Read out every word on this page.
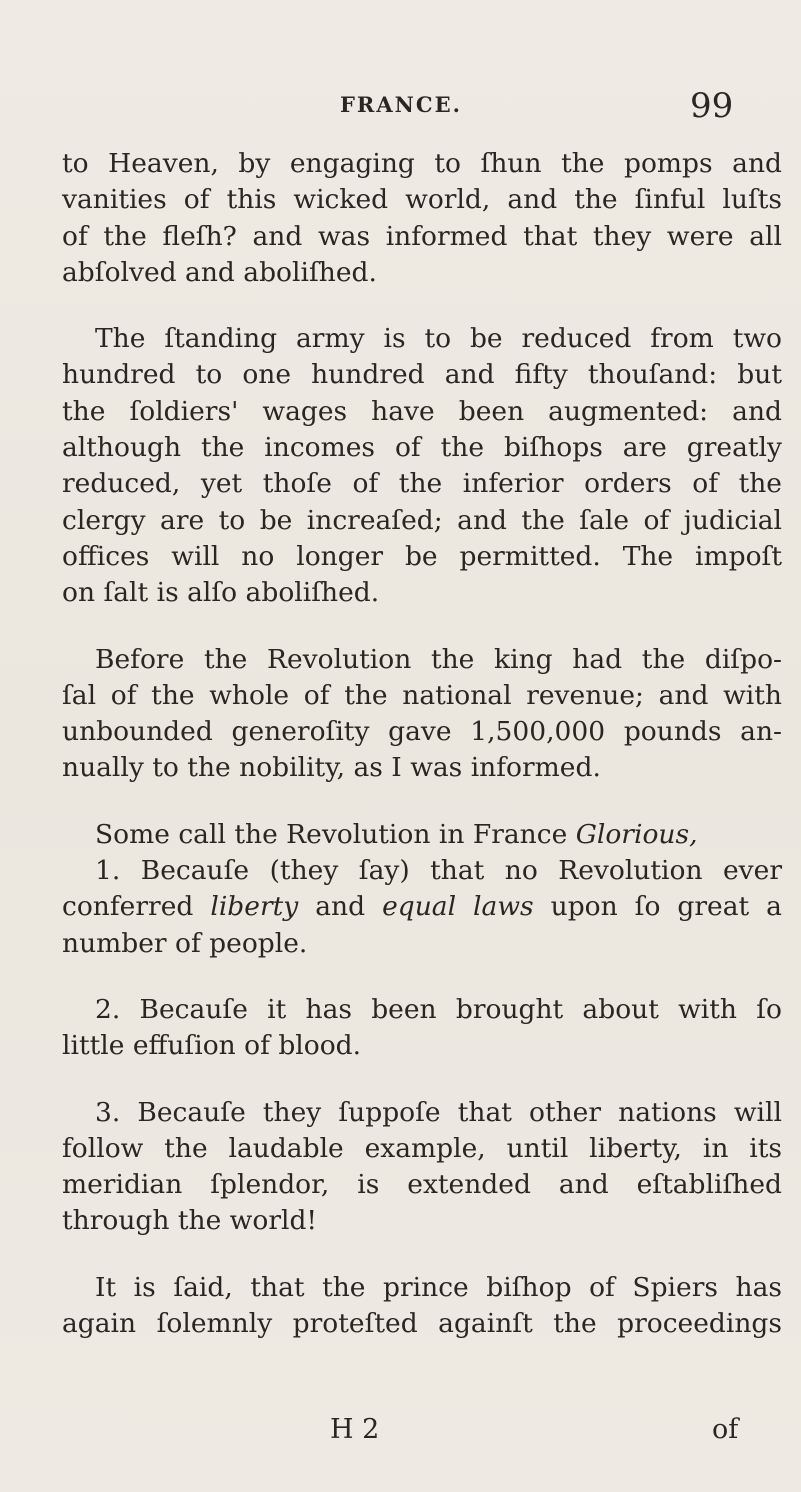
FRANCE.	99
to Heaven, by engaging to ſhun the pomps and
vanities of this wicked world, and the ſinful luſts
of the fleſh? and was informed that they were all
abſolved and aboliſhed.
The ſtanding army is to be reduced from two
hundred to one hundred and fifty thouſand: but
the ſoldiers' wages have been augmented: and
although the incomes of the biſhops are greatly
reduced, yet thoſe of the inferior orders of the
clergy are to be increaſed; and the ſale of judicial
offices will no longer be permitted. The impoſt
on ſalt is alſo aboliſhed.
Before the Revolution the king had the diſpo-
ſal of the whole of the national revenue; and with
unbounded generoſity gave 1,500,000 pounds an-
nually to the nobility, as I was informed.
Some call the Revolution in France Glorious,
1. Becauſe (they ſay) that no Revolution ever
conferred liberty and equal laws upon ſo great a
number of people.
2. Becauſe it has been brought about with ſo
little effuſion of blood.
3. Becauſe they ſuppoſe that other nations will
follow the laudable example, until liberty, in its
meridian ſplendor, is extended and eſtabliſhed
through the world!
It is ſaid, that the prince biſhop of Spiers has
again ſolemnly proteſted againſt the proceedings
H 2	of
